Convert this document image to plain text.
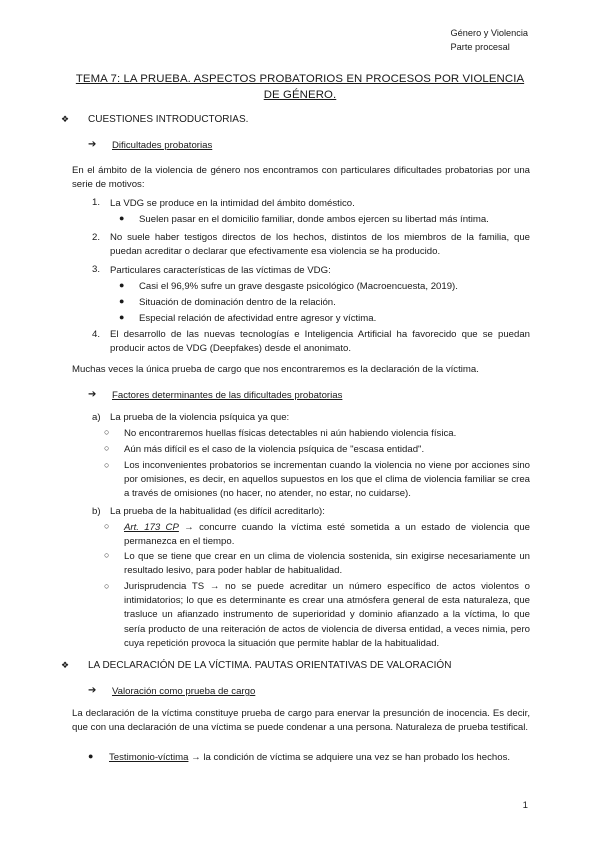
Género y Violencia
Parte procesal
TEMA 7: LA PRUEBA. ASPECTOS PROBATORIOS EN PROCESOS POR VIOLENCIA
DE GÉNERO.
❖ CUESTIONES INTRODUCTORIAS.
➔ Dificultades probatorias
En el ámbito de la violencia de género nos encontramos con particulares dificultades probatorias por una serie de motivos:
1. La VDG se produce en la intimidad del ámbito doméstico.
● Suelen pasar en el domicilio familiar, donde ambos ejercen su libertad más íntima.
2. No suele haber testigos directos de los hechos, distintos de los miembros de la familia, que puedan acreditar o declarar que efectivamente esa violencia se ha producido.
3. Particulares características de las víctimas de VDG:
● Casi el 96,9% sufre un grave desgaste psicológico (Macroencuesta, 2019).
● Situación de dominación dentro de la relación.
● Especial relación de afectividad entre agresor y víctima.
4. El desarrollo de las nuevas tecnologías e Inteligencia Artificial ha favorecido que se puedan producir actos de VDG (Deepfakes) desde el anonimato.
Muchas veces la única prueba de cargo que nos encontraremos es la declaración de la víctima.
➔ Factores determinantes de las dificultades probatorias
a) La prueba de la violencia psíquica ya que:
○ No encontraremos huellas físicas detectables ni aún habiendo violencia física.
○ Aún más difícil es el caso de la violencia psíquica de "escasa entidad".
○ Los inconvenientes probatorios se incrementan cuando la violencia no viene por acciones sino por omisiones, es decir, en aquellos supuestos en los que el clima de violencia familiar se crea a través de omisiones (no hacer, no atender, no estar, no cuidarse).
b) La prueba de la habitualidad (es difícil acreditarlo):
○ Art. 173 CP → concurre cuando la víctima esté sometida a un estado de violencia que permanezca en el tiempo.
○ Lo que se tiene que crear en un clima de violencia sostenida, sin exigirse necesariamente un resultado lesivo, para poder hablar de habitualidad.
○ Jurisprudencia TS → no se puede acreditar un número específico de actos violentos o intimidatorios; lo que es determinante es crear una atmósfera general de esta naturaleza, que trasluce un afianzado instrumento de superioridad y dominio afianzado a la víctima, lo que sería producto de una reiteración de actos de violencia de diversa entidad, a veces nimia, pero cuya repetición provoca la situación que permite hablar de la habitualidad.
❖ LA DECLARACIÓN DE LA VÍCTIMA. PAUTAS ORIENTATIVAS DE VALORACIÓN
➔ Valoración como prueba de cargo
La declaración de la víctima constituye prueba de cargo para enervar la presunción de inocencia. Es decir, que con una declaración de una víctima se puede condenar a una persona. Naturaleza de prueba testifical.
● Testimonio-víctima → la condición de víctima se adquiere una vez se han probado los hechos.
1
